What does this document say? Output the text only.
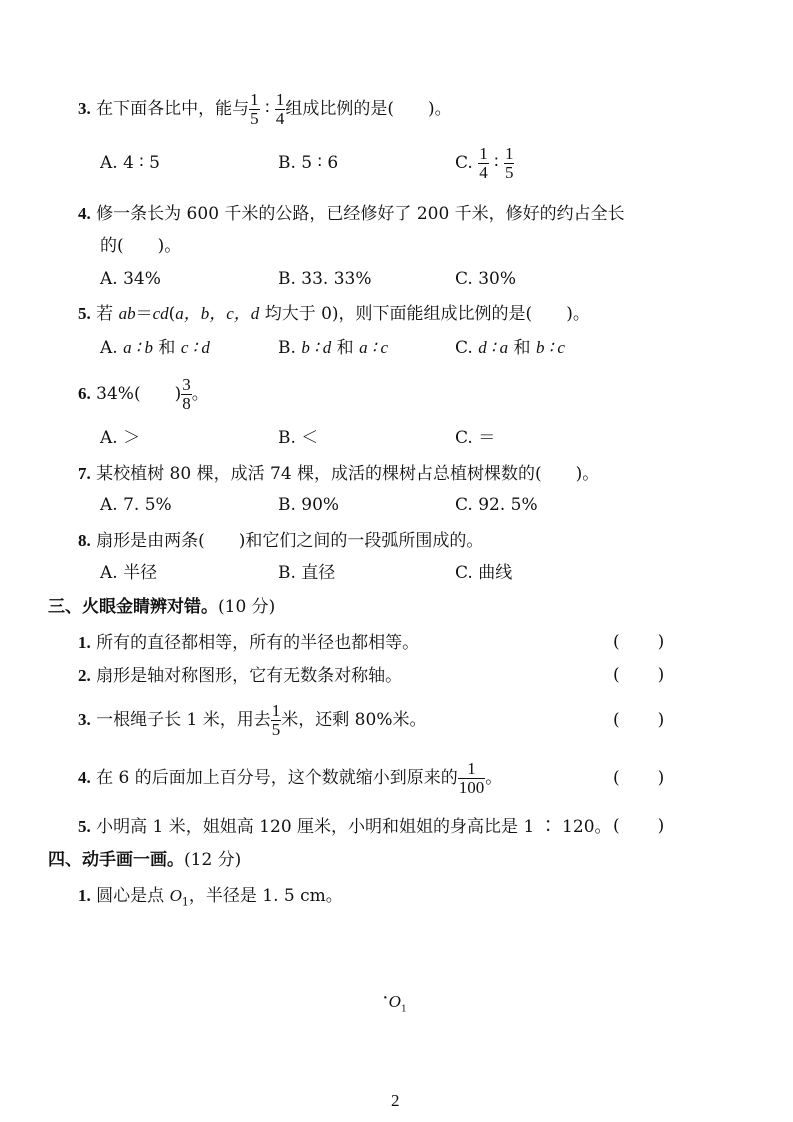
3. 在下面各比中，能与 $\frac{1}{5}$ ∶ $\frac{1}{4}$ 组成比例的是( )。
A. 4 ∶ 5	B. 5 ∶ 6	C. $\frac{1}{4}$ ∶ $\frac{1}{5}$
4. 修一条长为 600 千米的公路，已经修好了 200 千米，修好的约占全长
的( )。
A. 34%	B. 33. 33%	C. 30%
5. 若 ab＝cd(a，b，c，d 均大于 0)，则下面能组成比例的是( )。
A. a ∶ b 和 c ∶ d	B. b ∶ d 和 a ∶ c	C. d ∶ a 和 b ∶ c
6. 34%( ) $\frac{3}{8}$ 。
A. ＞	B. ＜	C. ＝
7. 某校植树 80 棵，成活 74 棵，成活的棵树占总植树棵数的( )。
A. 7. 5%	B. 90%	C. 92. 5%
8. 扇形是由两条( )和它们之间的一段弧所围成的。
A. 半径	B. 直径	C. 曲线
三、火眼金睛辨对错。(10 分)
1. 所有的直径都相等，所有的半径也都相等。	( )
2. 扇形是轴对称图形，它有无数条对称轴。	( )
3. 一根绳子长 1 米，用去 $\frac{1}{5}$ 米，还剩 80%米。	( )
4. 在 6 的后面加上百分号，这个数就缩小到原来的 $\frac{1}{100}$ 。	( )
5. 小明高 1 米，姐姐高 120 厘米，小明和姐姐的身高比是 1 ∶ 120。 ( )
四、动手画一画。(12 分)
1. 圆心是点 $O_1$，半径是 1. 5 cm。
$\cdot O_1$
2
